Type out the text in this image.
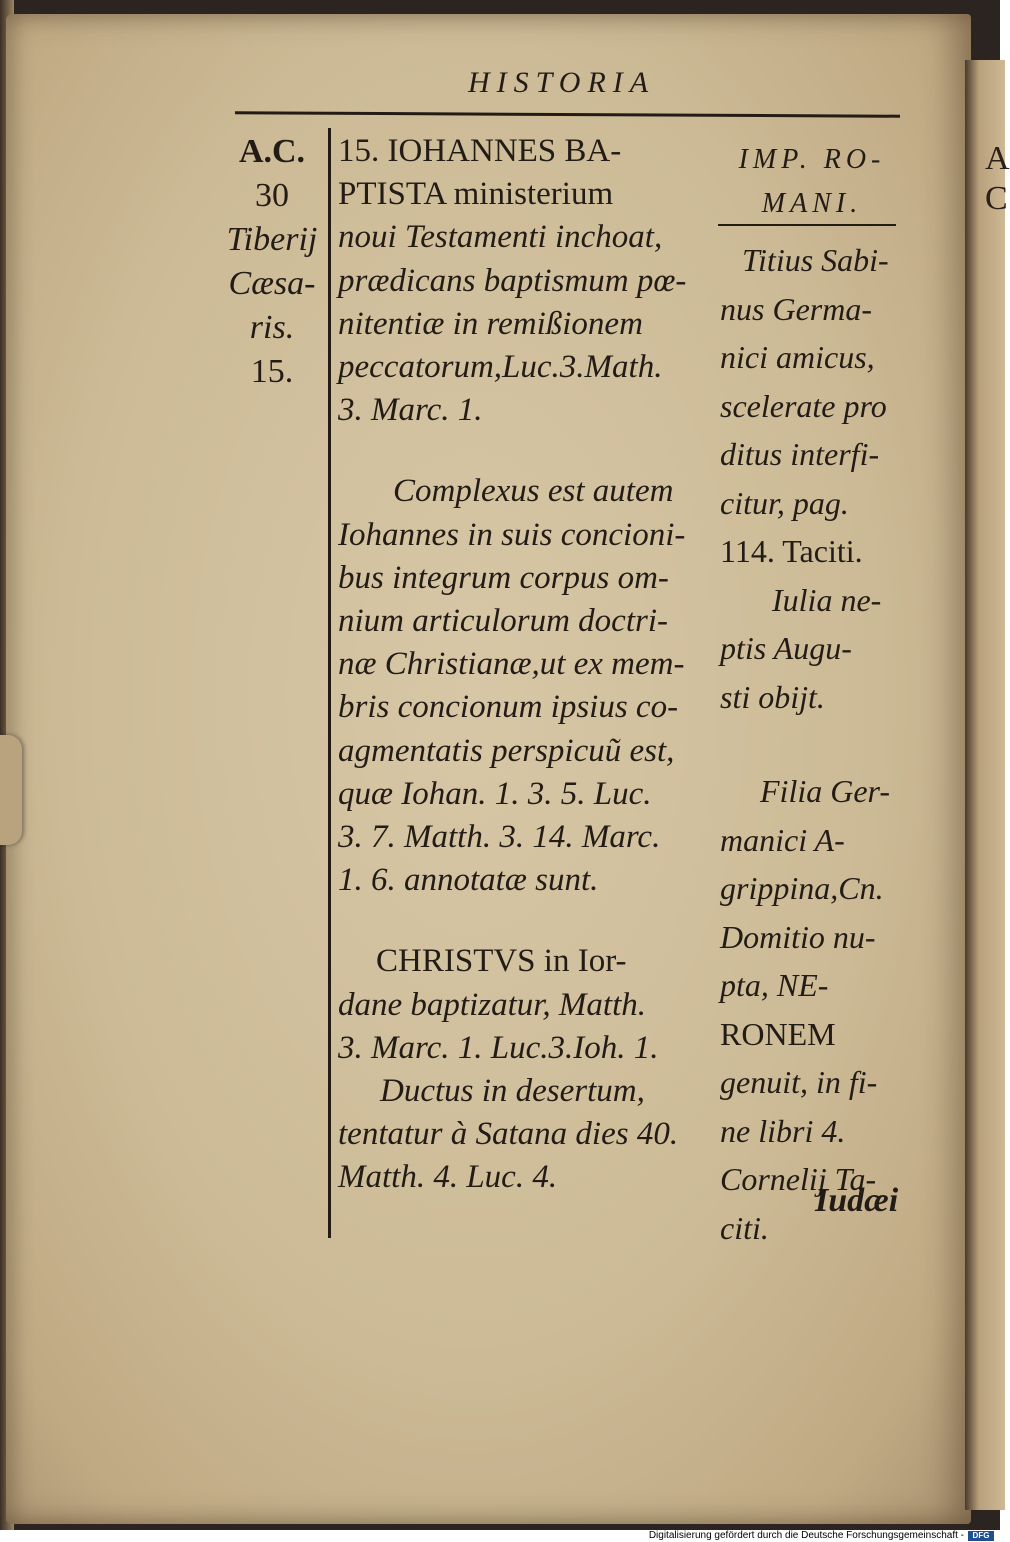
A
C
HISTORIA
A.C.
30
Tiberij
Cæsa-
ris.
15.
15. IOHANNES BA-
PTISTA ministerium
noui Testamenti inchoat,
prædicans baptismum pœ-
nitentiæ in remißionem
peccatorum,Luc.3.Math.
3. Marc. 1.
Complexus est autem
Iohannes in suis concioni-
bus integrum corpus om-
nium articulorum doctri-
næ Christianæ,ut ex mem-
bris concionum ipsius co-
agmentatis perspicuũ est,
quæ Iohan. 1. 3. 5. Luc.
3. 7. Matth. 3. 14. Marc.
1. 6. annotatæ sunt.
CHRISTVS in Ior-
dane baptizatur, Matth.
3. Marc. 1. Luc.3.Ioh. 1.
Ductus in desertum,
tentatur à Satana dies 40.
Matth. 4. Luc. 4.
IMP. RO-
MANI.
Titius Sabi-
nus Germa-
nici amicus,
scelerate pro
ditus interfi-
citur, pag.
114. Taciti.
Iulia ne-
ptis Augu-
sti obijt.
Filia Ger-
manici A-
grippina,Cn.
Domitio nu-
pta, NE-
RONEM
genuit, in fi-
ne libri 4.
Cornelij Ta-
citi.
Iudæi
Digitalisierung gefördert durch die Deutsche Forschungsgemeinschaft -	DFG
